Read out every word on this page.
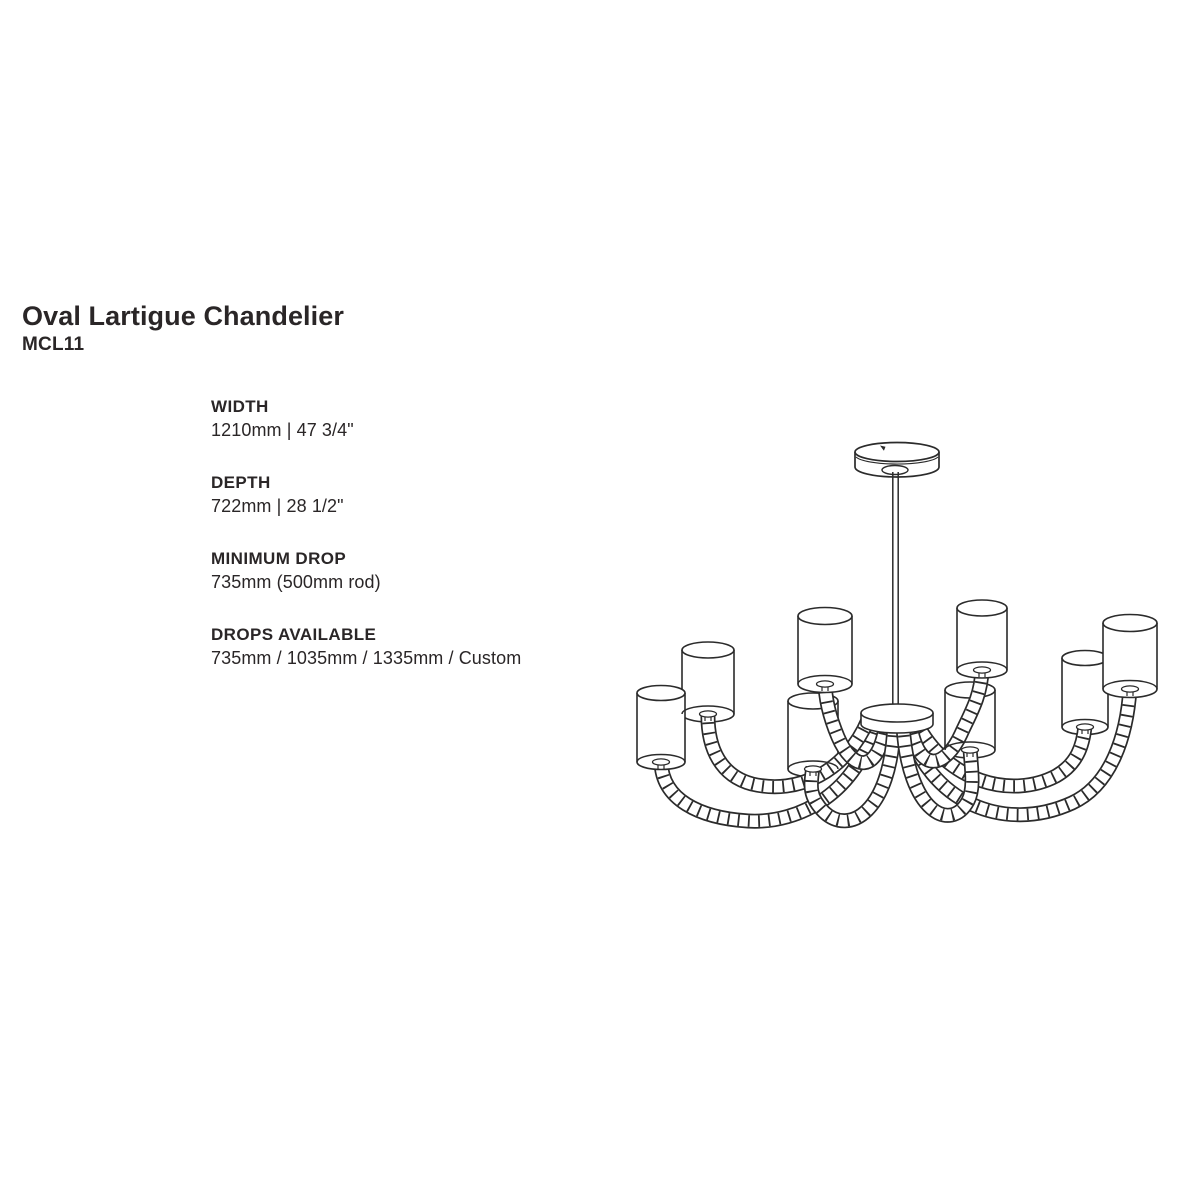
Oval Lartigue Chandelier
MCL11
WIDTH
1210mm | 47 3/4"
DEPTH
722mm | 28 1/2"
MINIMUM DROP
735mm (500mm rod)
DROPS AVAILABLE
735mm / 1035mm / 1335mm / Custom
